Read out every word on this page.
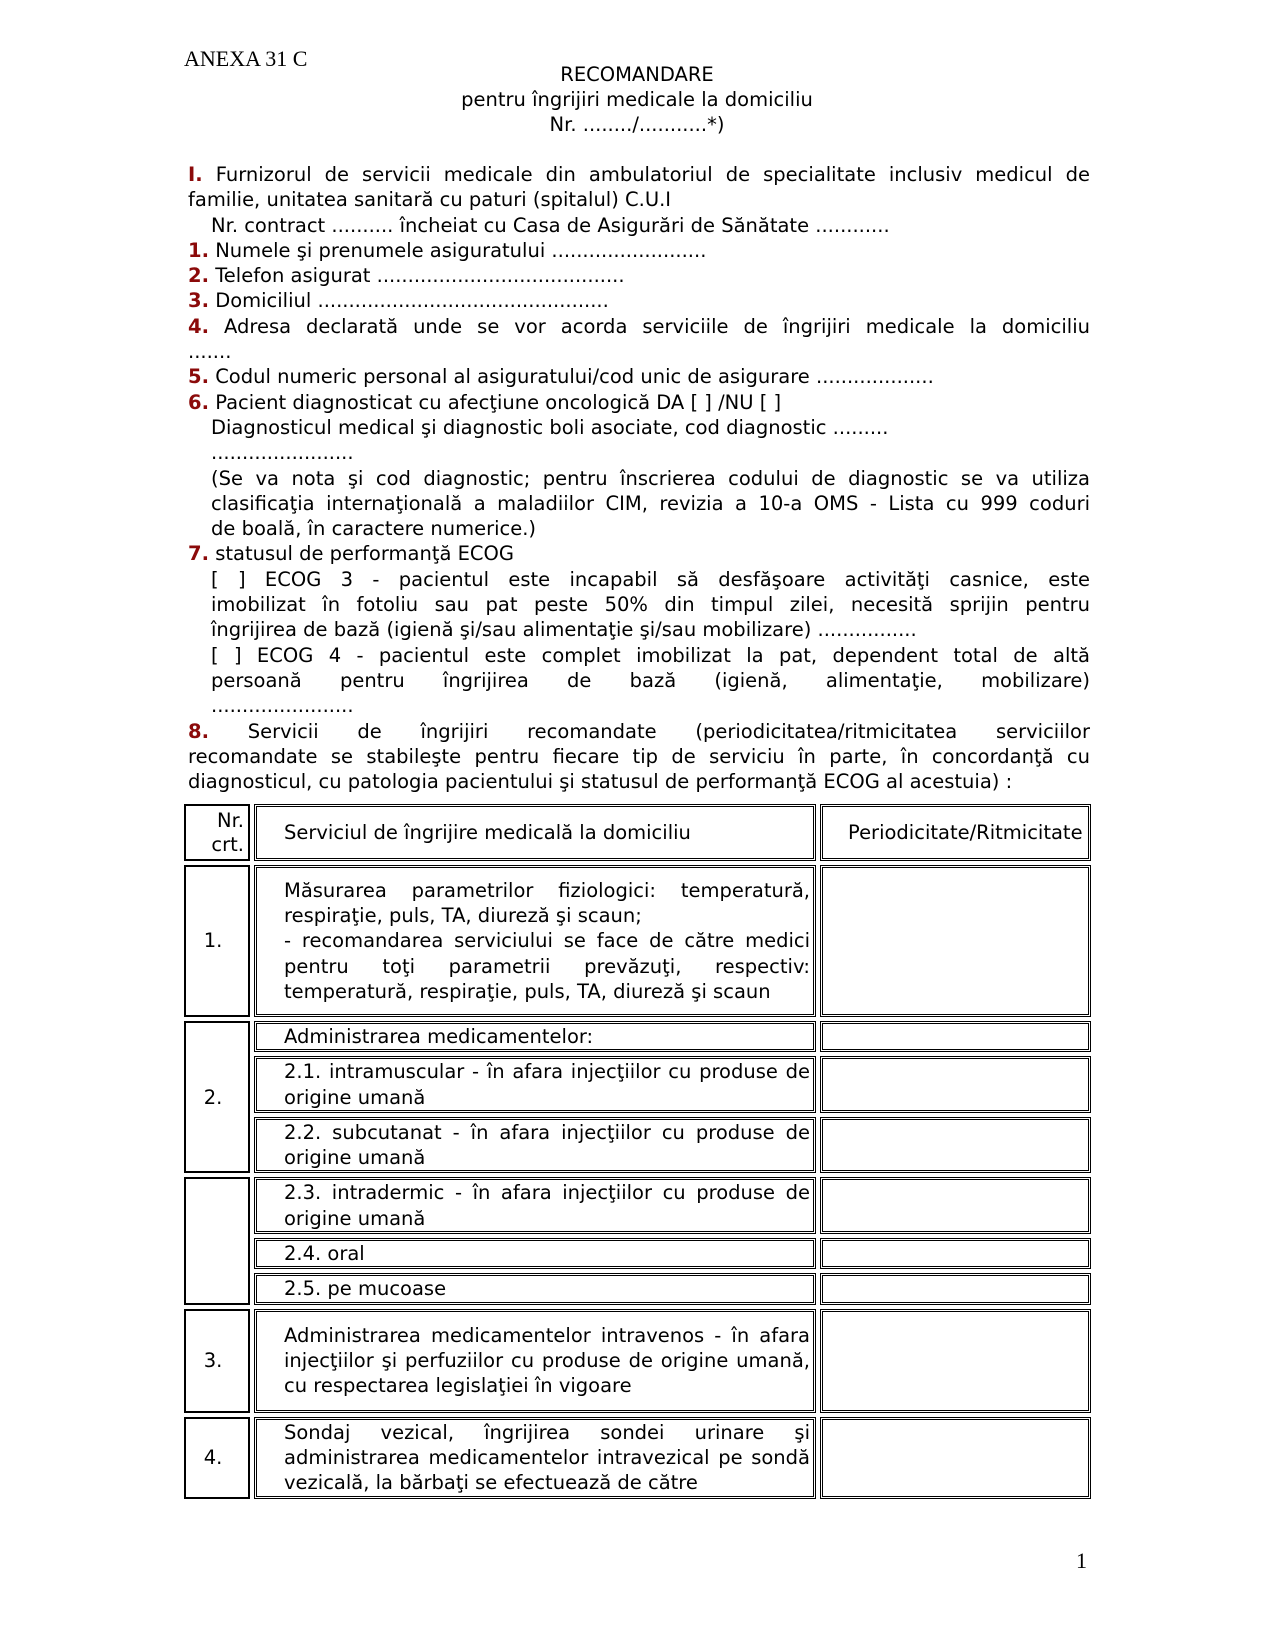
ANEXA 31 C
RECOMANDARE
pentru îngrijiri medicale la domiciliu
Nr. ......../...........*)
I. Furnizorul de servicii medicale din ambulatoriul de specialitate inclusiv medicul de
familie, unitatea sanitară cu paturi (spitalul) C.U.I
Nr. contract .......... încheiat cu Casa de Asigurări de Sănătate ............
1. Numele şi prenumele asiguratului .........................
2. Telefon asigurat ........................................
3. Domiciliul ...............................................
4. Adresa declarată unde se vor acorda serviciile de îngrijiri medicale la domiciliu
.......
5. Codul numeric personal al asiguratului/cod unic de asigurare ...................
6. Pacient diagnosticat cu afecţiune oncologică DA [ ] /NU [ ]
Diagnosticul medical şi diagnostic boli asociate, cod diagnostic .........
.......................
(Se va nota şi cod diagnostic; pentru înscrierea codului de diagnostic se va utiliza
clasificaţia internaţională a maladiilor CIM, revizia a 10-a OMS - Lista cu 999 coduri
de boală, în caractere numerice.)
7. statusul de performanţă ECOG
[ ] ECOG 3 - pacientul este incapabil să desfăşoare activităţi casnice, este
imobilizat în fotoliu sau pat peste 50% din timpul zilei, necesită sprijin pentru
îngrijirea de bază (igienă şi/sau alimentaţie şi/sau mobilizare) ................
[ ] ECOG 4 - pacientul este complet imobilizat la pat, dependent total de altă
persoană pentru îngrijirea de bază (igienă, alimentaţie, mobilizare)
.......................
8. Servicii de îngrijiri recomandate (periodicitatea/ritmicitatea serviciilor
recomandate se stabileşte pentru fiecare tip de serviciu în parte, în concordanţă cu
diagnosticul, cu patologia pacientului şi statusul de performanţă ECOG al acestuia) :
Nr.
crt.		Serviciul de îngrijire medicală la domiciliu		Periodicitate/Ritmicitate
1.		Măsurarea parametrilor fiziologici: temperatură, respiraţie, puls, TA, diureză şi scaun;
- recomandarea serviciului se face de către medici pentru toţi parametrii prevăzuţi, respectiv: temperatură, respiraţie, puls, TA, diureză şi scaun		
2.		Administrarea medicamentelor:		
		2.1. intramuscular - în afara injecţiilor cu produse de origine umană		
		2.2. subcutanat - în afara injecţiilor cu produse de origine umană		
		2.3. intradermic - în afara injecţiilor cu produse de origine umană		
		2.4. oral		
		2.5. pe mucoase		
3.		Administrarea medicamentelor intravenos - în afara injecţiilor şi perfuziilor cu produse de origine umană, cu respectarea legislaţiei în vigoare		
4.		Sondaj vezical, îngrijirea sondei urinare şi administrarea medicamentelor intravezical pe sondă vezicală, la bărbaţi se efectuează de către		
1
